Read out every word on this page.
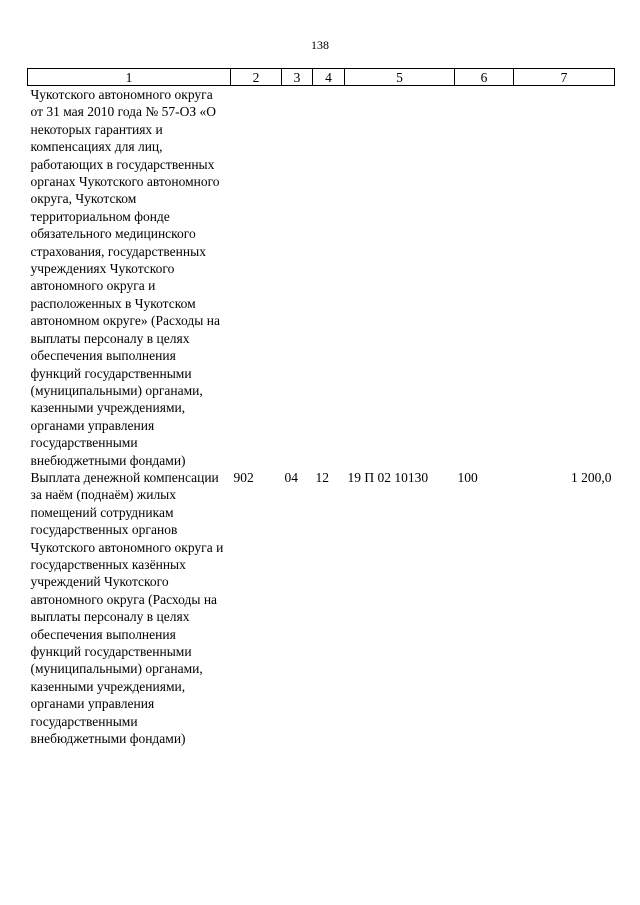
138
1	2	3	4	5	6	7
Чукотского автономного округа от 31 мая 2010 года № 57-ОЗ «О некоторых гарантиях и компенсациях для лиц, работающих в государственных органах Чукотского автономного округа, Чукотском территориальном фонде обязательного медицинского страхования, государственных учреждениях Чукотского автономного округа и расположенных в Чукотском автономном округе» (Расходы на выплаты персоналу в целях обеспечения выполнения функций государственными (муниципальными) органами, казенными учреждениями, органами управления государственными внебюджетными фондами)						
Выплата денежной компенсации за наём (поднаём) жилых помещений сотрудникам государственных органов Чукотского автономного округа и государственных казённых учреждений Чукотского автономного округа (Расходы на выплаты персоналу в целях обеспечения выполнения функций государственными (муниципальными) органами, казенными учреждениями, органами управления государственными внебюджетными фондами)	902	04	12	19 П 02 10130	100	1 200,0
